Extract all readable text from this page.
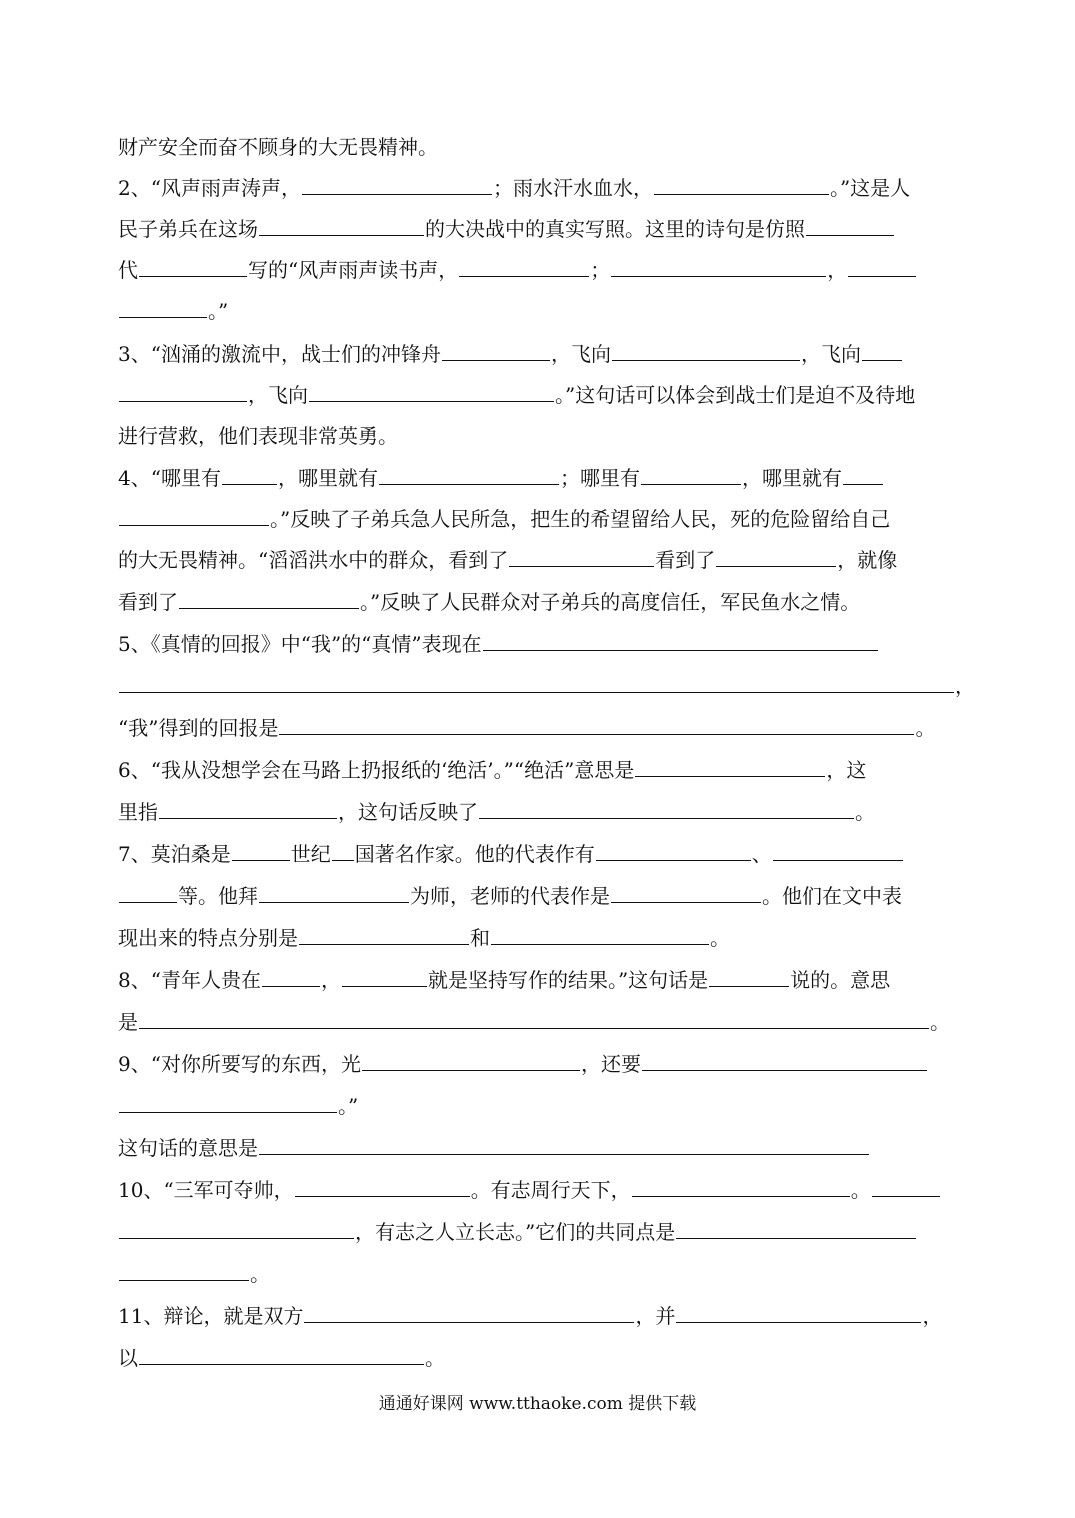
财产安全而奋不顾身的大无畏精神。
2、“风声雨声涛声，	；雨水汗水血水，	。”这是人
民子弟兵在这场	的大决战中的真实写照。这里的诗句是仿照
代	写的“风声雨声读书声，	；	，
。”
3、“汹涌的激流中，战士们的冲锋舟	，飞向	，飞向
，飞向	。”这句话可以体会到战士们是迫不及待地
进行营救，他们表现非常英勇。
4、“哪里有	，哪里就有	；哪里有	，哪里就有
。”反映了子弟兵急人民所急，把生的希望留给人民，死的危险留给自己
的大无畏精神。“滔滔洪水中的群众，看到了	看到了	，就像
看到了	。”反映了人民群众对子弟兵的高度信任，军民鱼水之情。
5、《真情的回报》中“我”的“真情”表现在
，
“我”得到的回报是	。
6、“我从没想学会在马路上扔报纸的‘绝活’。”“绝活”意思是	，这
里指	，这句话反映了	。
7、莫泊桑是	世纪 国著名作家。他的代表作有	、
等。他拜	为师，老师的代表作是	。他们在文中表
现出来的特点分别是	和	。
8、“青年人贵在	，	就是坚持写作的结果。”这句话是	说的。意思
是	。
9、“对你所要写的东西，光	，还要
。”
这句话的意思是
10、“三军可夺帅，	。有志周行天下，	。
，有志之人立长志。”它们的共同点是
。
11、辩论，就是双方	，并	，
以	。
通通好课网 www.tthaoke.com 提供下载
